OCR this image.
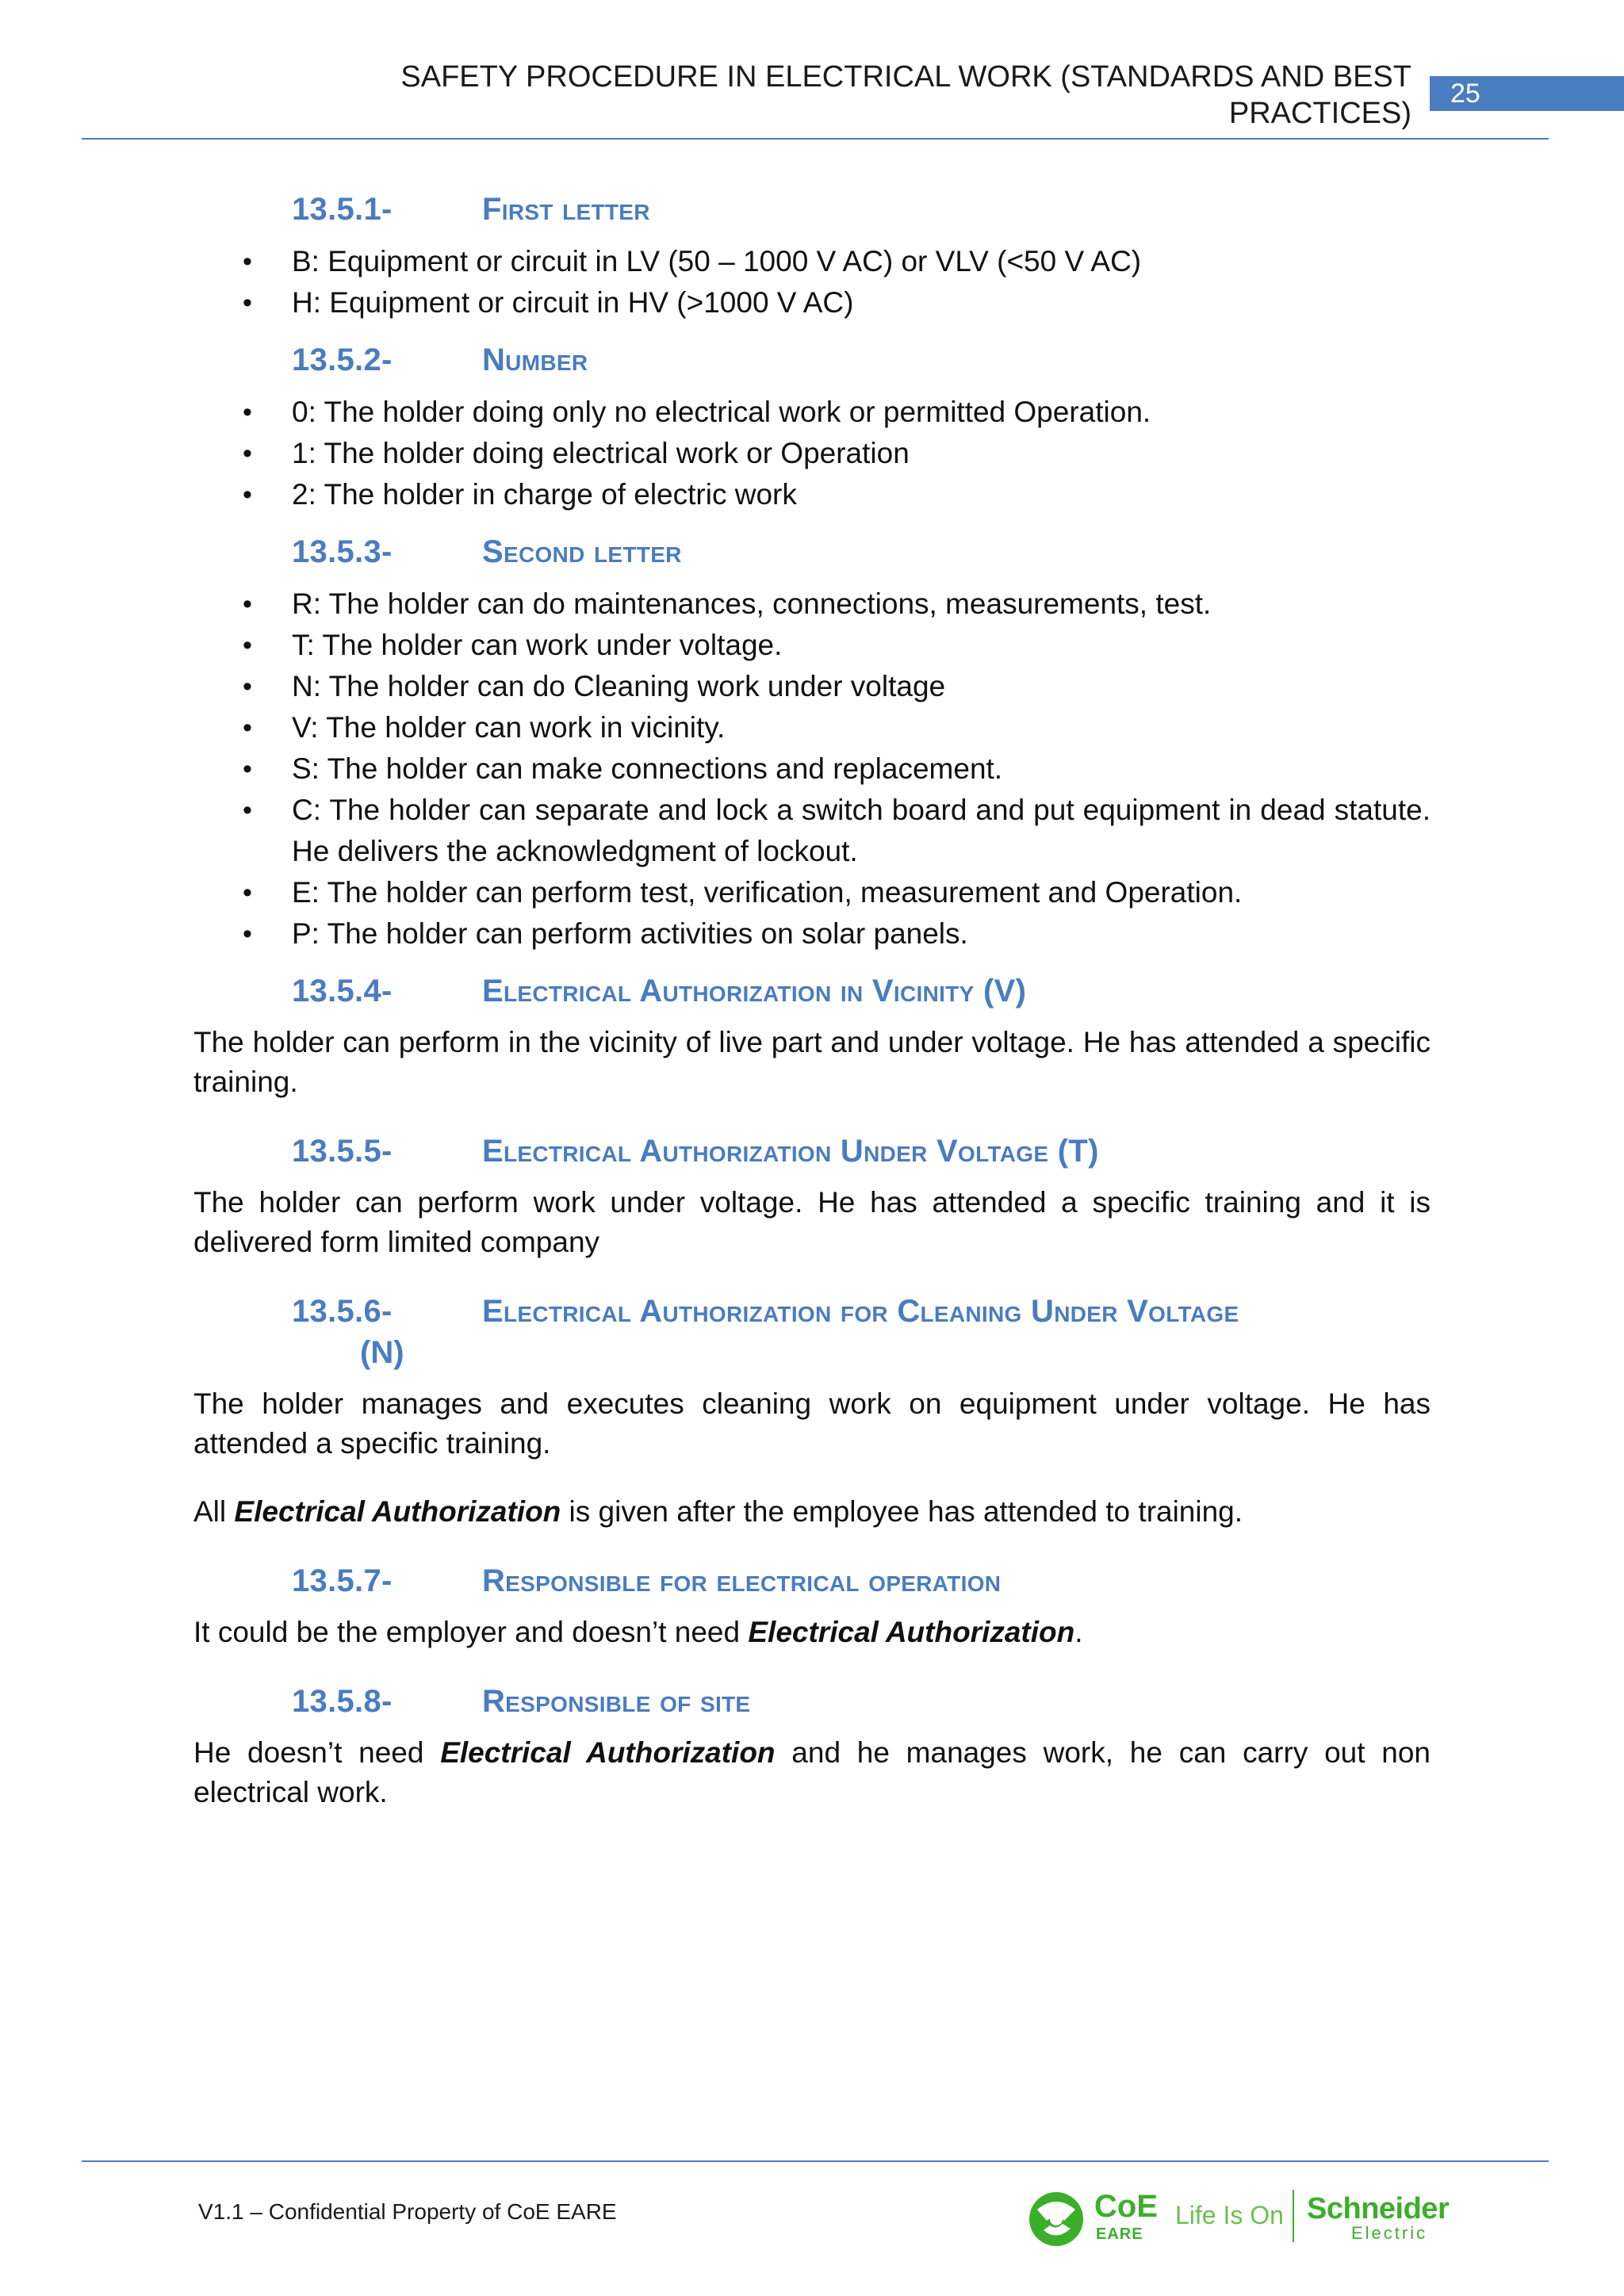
SAFETY PROCEDURE IN ELECTRICAL WORK (STANDARDS AND BEST
PRACTICES)
25
13.5.1-	First letter
• B: Equipment or circuit in LV (50 – 1000 V AC) or VLV (<50 V AC)
• H: Equipment or circuit in HV (>1000 V AC)
13.5.2-	Number
• 0: The holder doing only no electrical work or permitted Operation.
• 1: The holder doing electrical work or Operation
• 2: The holder in charge of electric work
13.5.3-	Second letter
• R: The holder can do maintenances, connections, measurements, test.
• T: The holder can work under voltage.
• N: The holder can do Cleaning work under voltage
• V: The holder can work in vicinity.
• S: The holder can make connections and replacement.
• C: The holder can separate and lock a switch board and put equipment in dead statute. He delivers the acknowledgment of lockout.
• E: The holder can perform test, verification, measurement and Operation.
• P: The holder can perform activities on solar panels.
13.5.4-	Electrical Authorization in Vicinity (V)

The holder can perform in the vicinity of live part and under voltage. He has attended a specific training.

13.5.5-	Electrical Authorization Under Voltage (T)

The holder can perform work under voltage. He has attended a specific training and it is delivered form limited company

13.5.6-	Electrical Authorization for Cleaning Under Voltage
(N)

The holder manages and executes cleaning work on equipment under voltage. He has attended a specific training.

All Electrical Authorization is given after the employee has attended to training.

13.5.7-	Responsible for electrical operation

It could be the employer and doesn’t need Electrical Authorization.

13.5.8-	Responsible of site

He doesn’t need Electrical Authorization and he manages work, he can carry out non electrical work.

V1.1 – Confidential Property of CoE EARE	CoE
EARE
Life Is On Schneider
Electric
